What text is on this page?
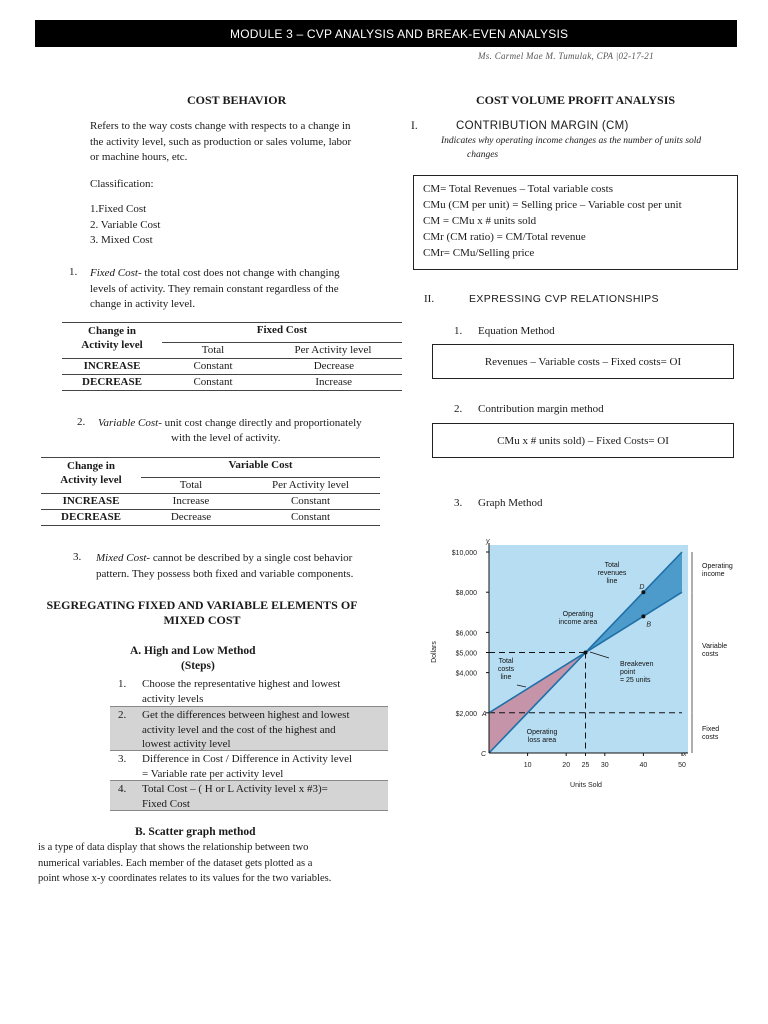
MODULE 3 – CVP ANALYSIS AND BREAK-EVEN ANALYSIS
Ms. Carmel Mae M. Tumulak, CPA |02-17-21
COST BEHAVIOR
Refers to the way costs change with respects to a change in
the activity level, such as production or sales volume, labor
or machine hours, etc.
Classification:
1.Fixed Cost
2. Variable Cost
3. Mixed Cost
1. Fixed Cost- the total cost does not change with changing
levels of activity. They remain constant regardless of the
change in activity level.
Change in
Activity level
Fixed Cost
Total	Per Activity level
INCREASE	Constant	Decrease
DECREASE	Constant	Increase
2. Variable Cost- unit cost change directly and proportionately
with the level of activity.
Change in
Activity level
Variable Cost
Total	Per Activity level
INCREASE	Increase	Constant
DECREASE	Decrease	Constant
3. Mixed Cost- cannot be described by a single cost behavior
pattern. They possess both fixed and variable components.
SEGREGATING FIXED AND VARIABLE ELEMENTS OF
MIXED COST
A. High and Low Method
(Steps)
1. Choose the representative highest and lowest
activity levels
2. Get the differences between highest and lowest
activity level and the cost of the highest and
lowest activity level
3. Difference in Cost / Difference in Activity level
= Variable rate per activity level
4. Total Cost – ( H or L Activity level x #3)=
Fixed Cost
B. Scatter graph method
is a type of data display that shows the relationship between two
numerical variables. Each member of the dataset gets plotted as a
point whose x-y coordinates relates to its values for the two variables.
COST VOLUME PROFIT ANALYSIS
I.	CONTRIBUTION MARGIN (CM)
Indicates why operating income changes as the number of units sold
changes
CM= Total Revenues – Total variable costs
CMu (CM per unit) = Selling price – Variable cost per unit
CM = CMu x # units sold
CMr (CM ratio) = CM/Total revenue
CMr= CMu/Selling price
II.	EXPRESSING CVP RELATIONSHIPS
1. Equation Method
Revenues – Variable costs – Fixed costs= OI
2. Contribution margin method
CMu x # units sold) – Fixed Costs= OI
3. Graph Method
y
x
$2,000
$4,000
$5,000
$6,000
$8,000
$10,000
10	20 25 30	40	50
Units Sold
Dollars
A
C
D
B
Total
revenues
line
Operating
income area
Total
costs
line
Breakeven
point
= 25 units
Operating
loss area
Operating
income
Variable
costs
Fixed
costs
